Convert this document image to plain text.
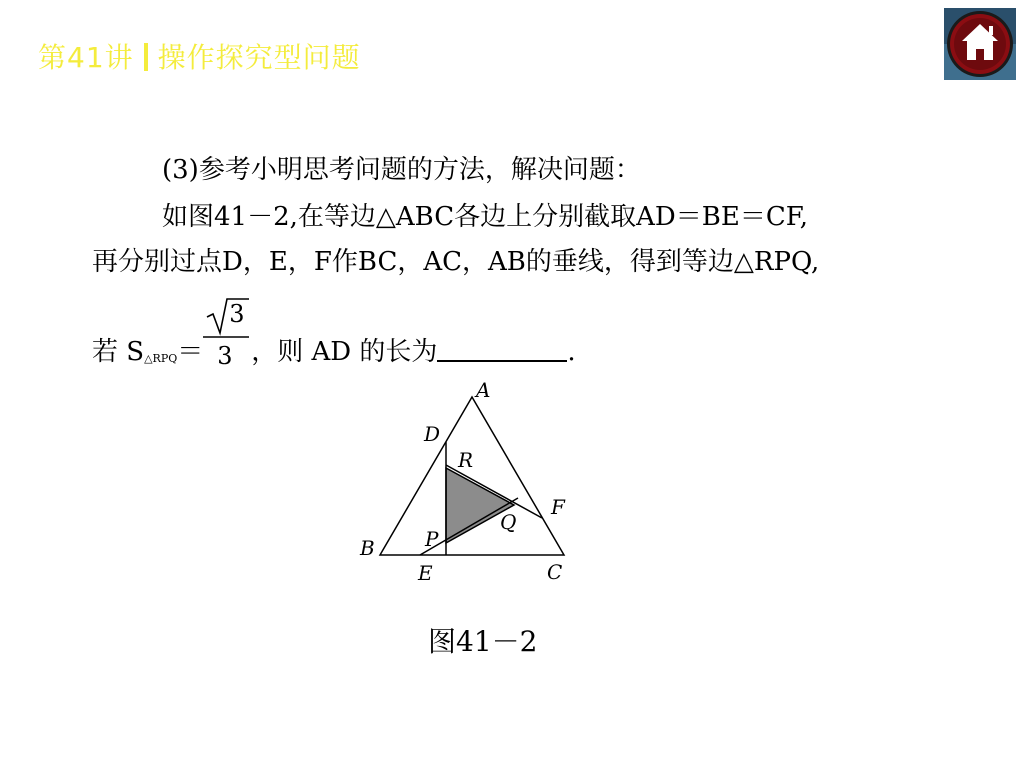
第41讲 操作探究型问题
(3)参考小明思考问题的方法，解决问题：
如图41－2,在等边△ABC各边上分别截取AD＝BE＝CF,
再分别过点D，E，F作BC，AC，AB的垂线，得到等边△RPQ,
若 S△RPQ＝
3
3 ，则 AD 的长为	.
A
B
C
D
E
F
P
Q
R
图41－2
